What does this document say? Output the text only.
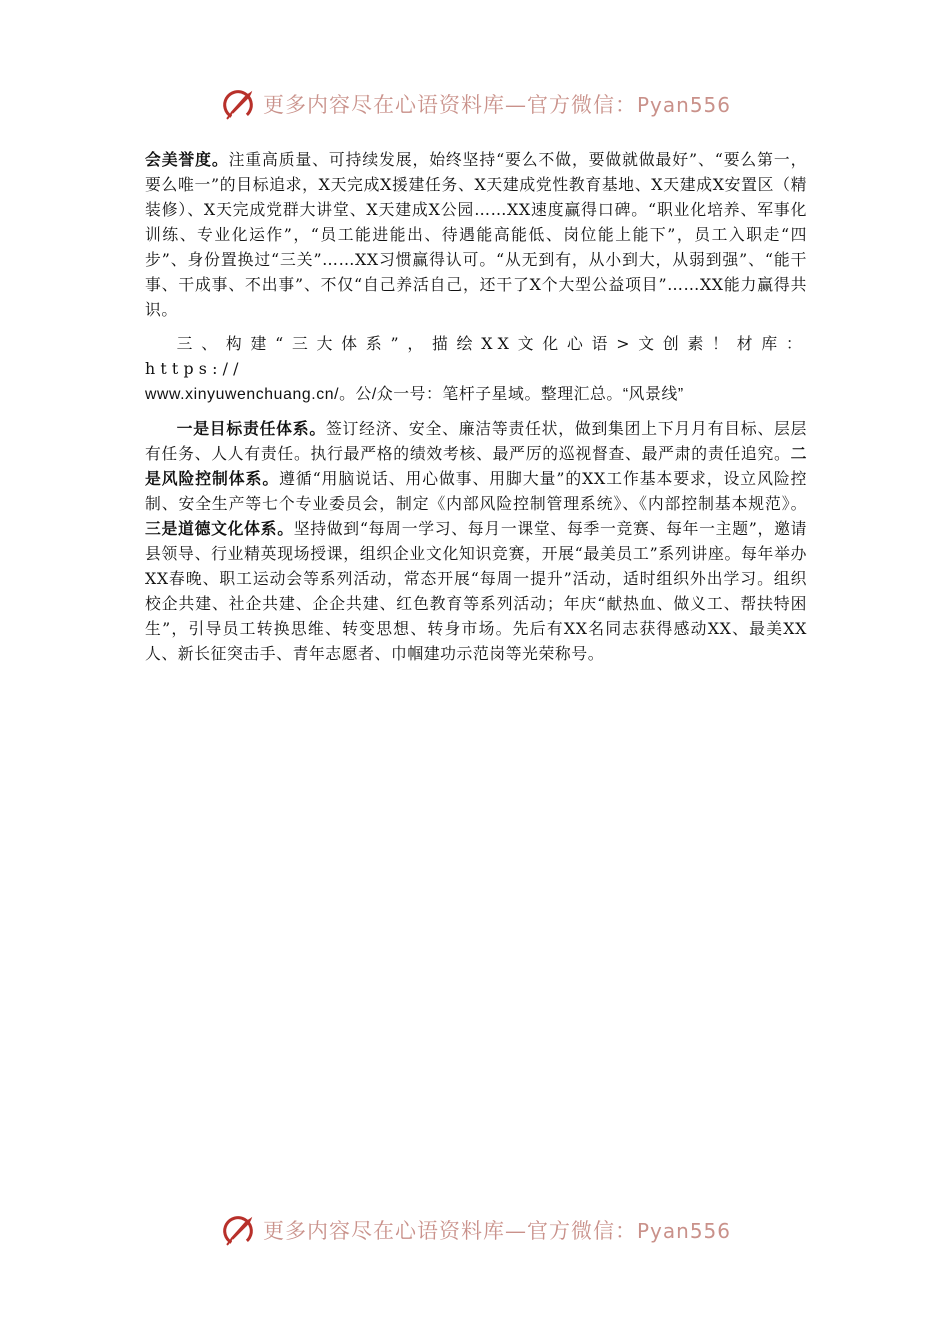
更多内容尽在心语资料库—官方微信：Pyan556

会美誉度。注重高质量、可持续发展，始终坚持“要么不做，要做就做最好”、“要么第一，要么唯一”的目标追求，X天完成X援建任务、X天建成党性教育基地、X天建成X安置区（精装修）、X天完成党群大讲堂、X天建成X公园……XX速度赢得口碑。“职业化培养、军事化训练、专业化运作”，“员工能进能出、待遇能高能低、岗位能上能下”，员工入职走“四步”、身份置换过“三关”……XX习惯赢得认可。“从无到有，从小到大，从弱到强”、“能干事、干成事、不出事”、不仅“自己养活自己，还干了X个大型公益项目”……XX能力赢得共识。

三、构建“三大体系”，描绘XX文化心语>文创素！材库：https://
www.xinyuwenchuang.cn/。公/众一号：笔杆子星域。整理汇总。“风景线”

一是目标责任体系。签订经济、安全、廉洁等责任状，做到集团上下月月有目标、层层有任务、人人有责任。执行最严格的绩效考核、最严厉的巡视督查、最严肃的责任追究。二是风险控制体系。遵循“用脑说话、用心做事、用脚大量”的XX工作基本要求，设立风险控制、安全生产等七个专业委员会，制定《内部风险控制管理系统》、《内部控制基本规范》。三是道德文化体系。坚持做到“每周一学习、每月一课堂、每季一竞赛、每年一主题”，邀请县领导、行业精英现场授课，组织企业文化知识竞赛，开展“最美员工”系列讲座。每年举办XX春晚、职工运动会等系列活动，常态开展“每周一提升”活动，适时组织外出学习。组织校企共建、社企共建、企企共建、红色教育等系列活动；年庆“献热血、做义工、帮扶特困生”，引导员工转换思维、转变思想、转身市场。先后有XX名同志获得感动XX、最美XX人、新长征突击手、青年志愿者、巾帼建功示范岗等光荣称号。

更多内容尽在心语资料库—官方微信：Pyan556
